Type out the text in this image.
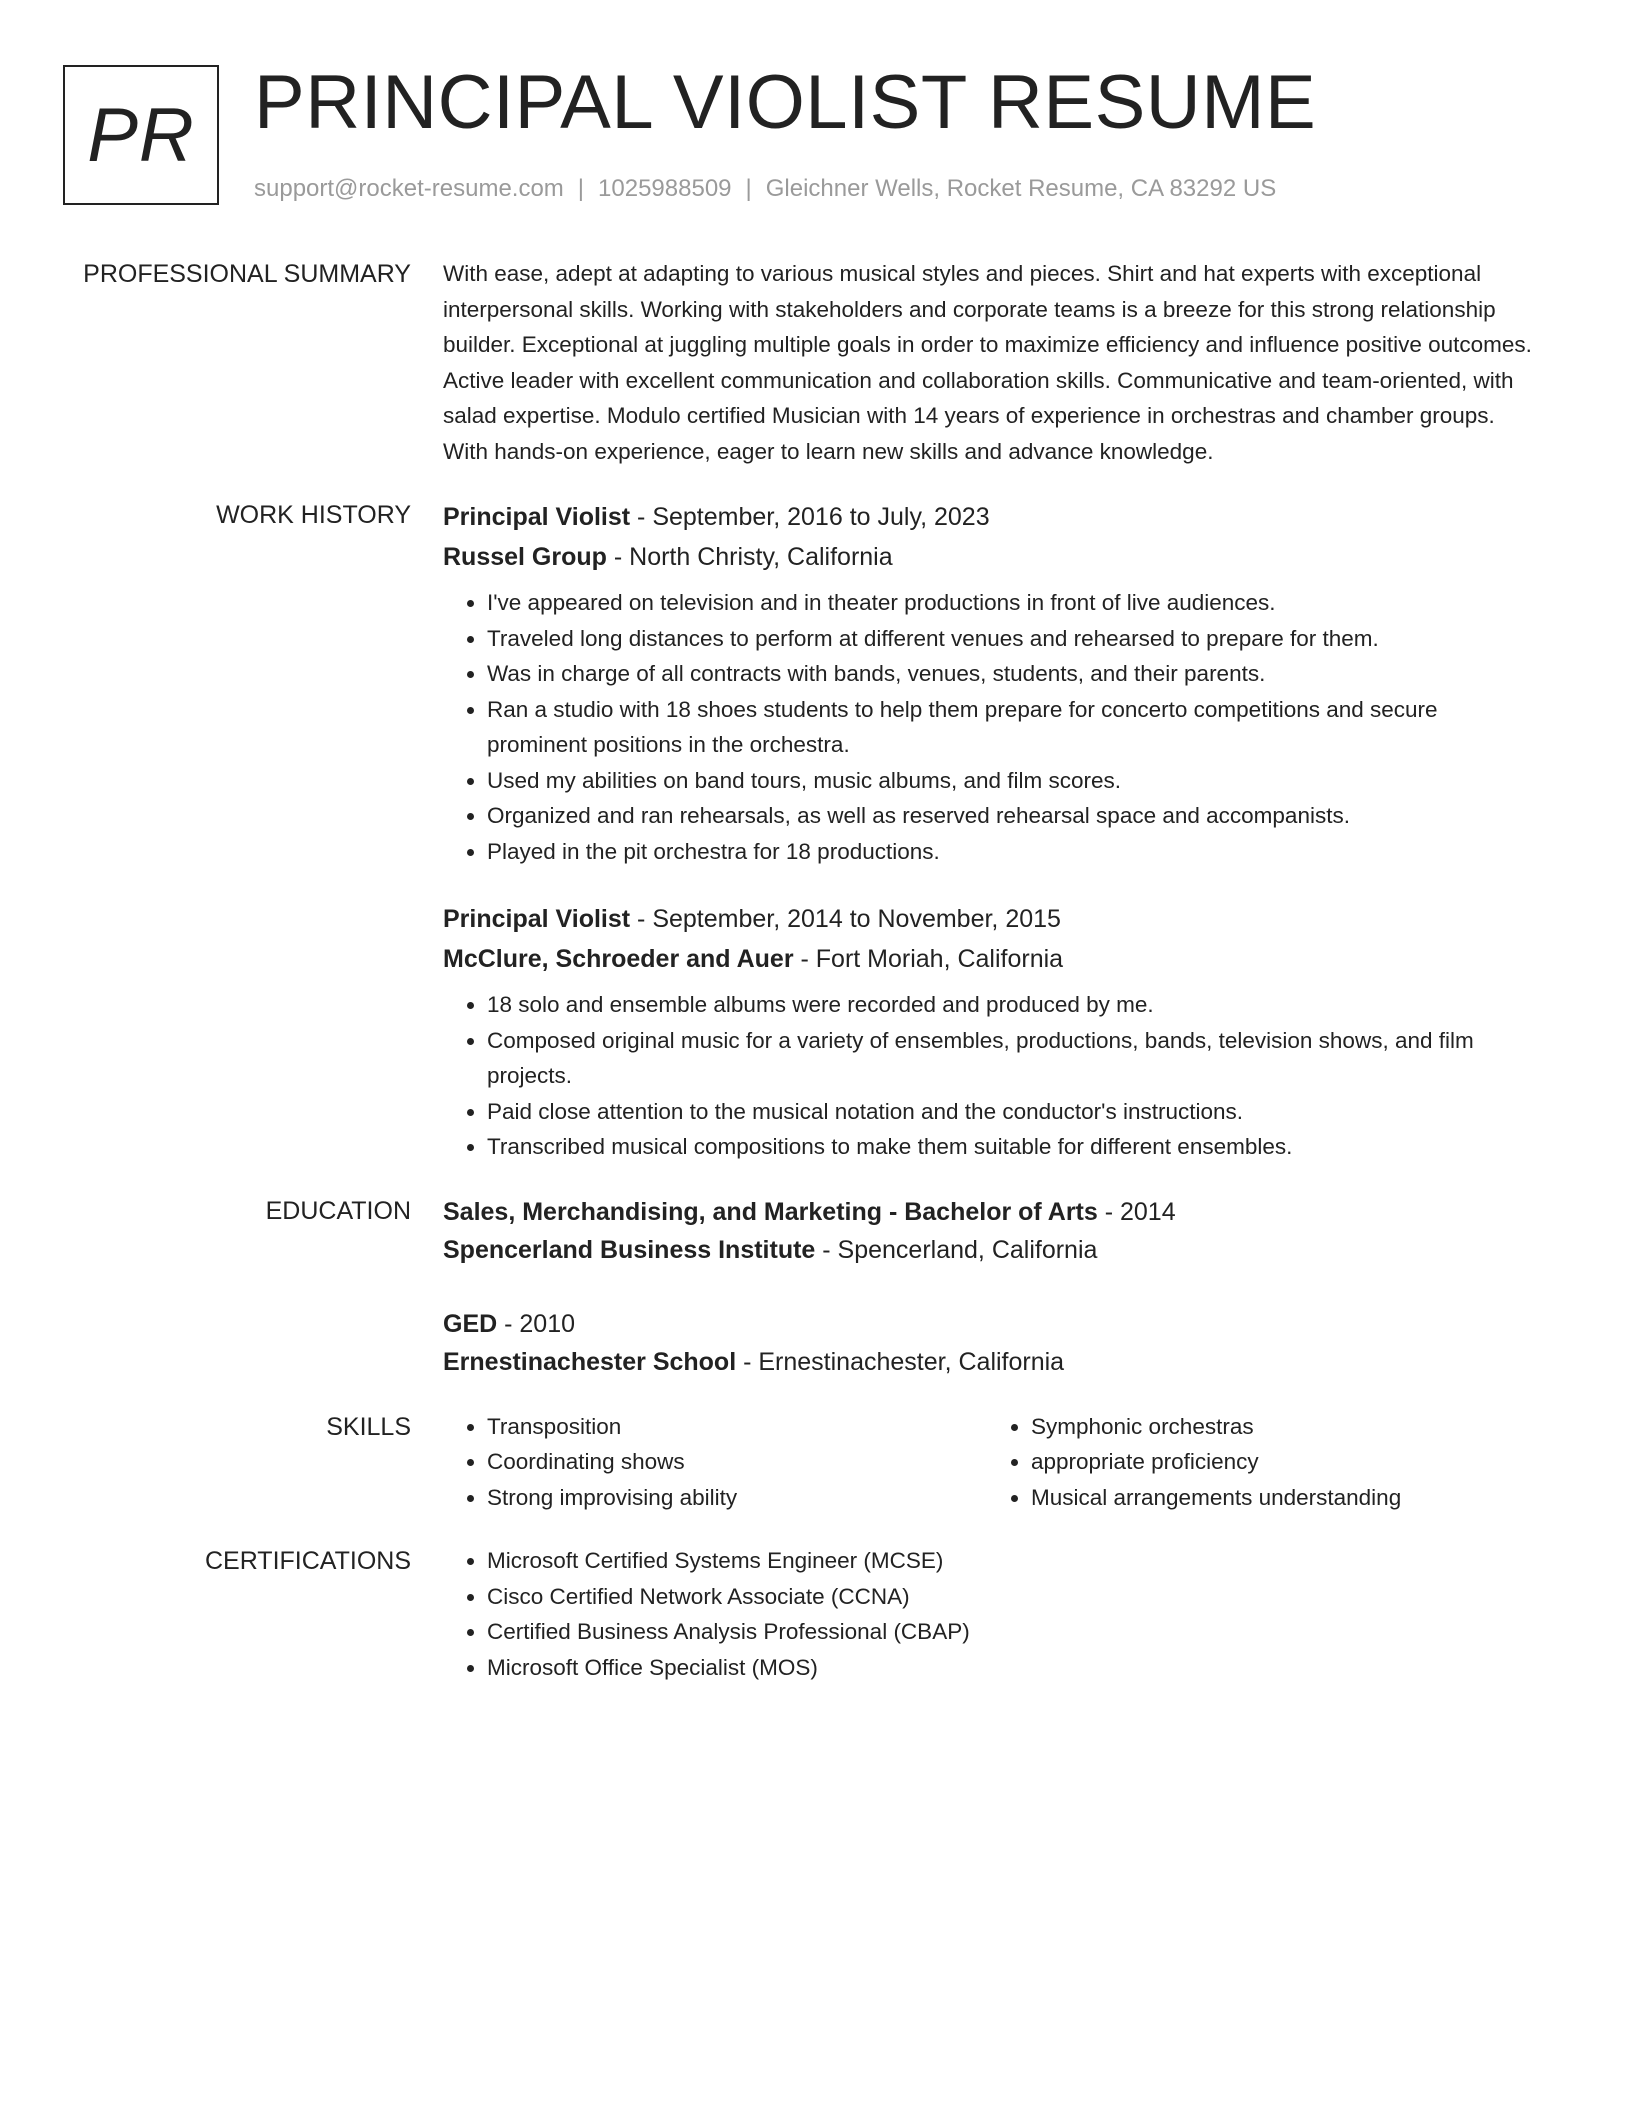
PR PRINCIPAL VIOLIST RESUME
support@rocket-resume.com | 1025988509 | Gleichner Wells, Rocket Resume, CA 83292 US
PROFESSIONAL SUMMARY With ease, adept at adapting to various musical styles and pieces. Shirt and hat experts with exceptional interpersonal skills. Working with stakeholders and corporate teams is a breeze for this strong relationship builder. Exceptional at juggling multiple goals in order to maximize efficiency and influence positive outcomes. Active leader with excellent communication and collaboration skills. Communicative and team-oriented, with salad expertise. Modulo certified Musician with 14 years of experience in orchestras and chamber groups. With hands-on experience, eager to learn new skills and advance knowledge.

WORK HISTORY Principal Violist - September, 2016 to July, 2023
Russel Group - North Christy, California
• I've appeared on television and in theater productions in front of live audiences.
• Traveled long distances to perform at different venues and rehearsed to prepare for them.
• Was in charge of all contracts with bands, venues, students, and their parents.
• Ran a studio with 18 shoes students to help them prepare for concerto competitions and secure prominent positions in the orchestra.
• Used my abilities on band tours, music albums, and film scores.
• Organized and ran rehearsals, as well as reserved rehearsal space and accompanists.
• Played in the pit orchestra for 18 productions.
Principal Violist - September, 2014 to November, 2015
McClure, Schroeder and Auer - Fort Moriah, California
• 18 solo and ensemble albums were recorded and produced by me.
• Composed original music for a variety of ensembles, productions, bands, television shows, and film projects.
• Paid close attention to the musical notation and the conductor's instructions.
• Transcribed musical compositions to make them suitable for different ensembles.
EDUCATION Sales, Merchandising, and Marketing - Bachelor of Arts - 2014
Spencerland Business Institute - Spencerland, California
GED - 2010
Ernestinachester School - Ernestinachester, California
SKILLS	• Transposition
• Coordinating shows
• Strong improvising ability
• Symphonic orchestras
• appropriate proficiency
• Musical arrangements understanding
CERTIFICATIONS	• Microsoft Certified Systems Engineer (MCSE)
• Cisco Certified Network Associate (CCNA)
• Certified Business Analysis Professional (CBAP)
• Microsoft Office Specialist (MOS)
